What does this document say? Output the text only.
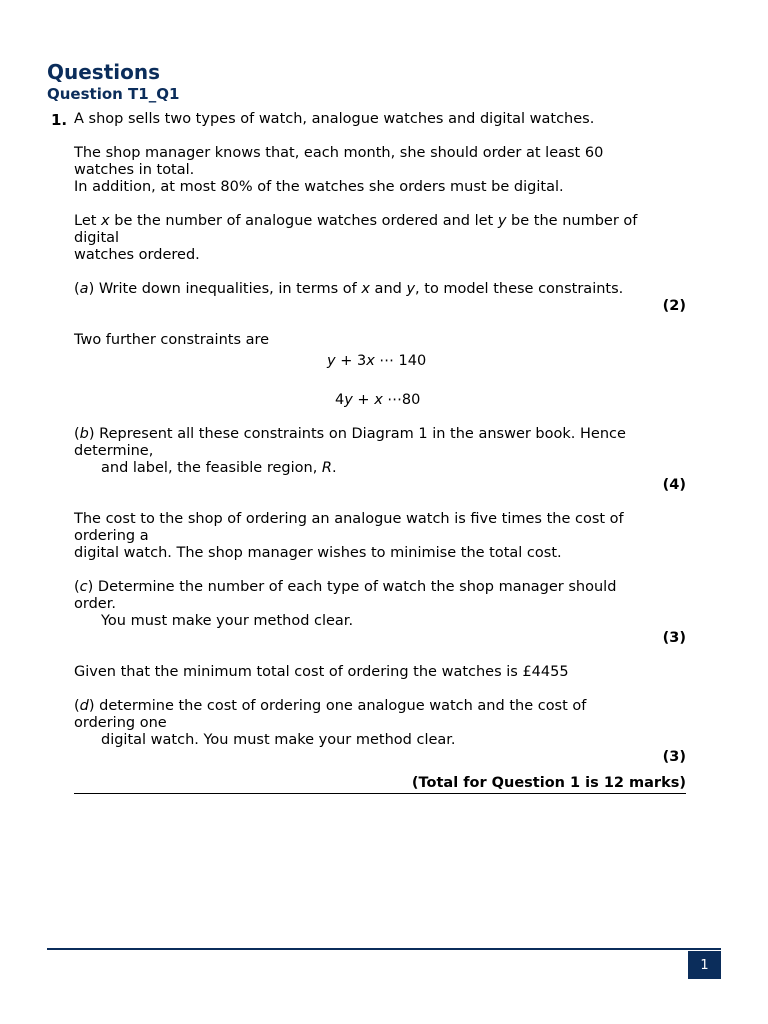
Questions
Question T1_Q1
1. A shop sells two types of watch, analogue watches and digital watches.
The shop manager knows that, each month, she should order at least 60
watches in total.
In addition, at most 80% of the watches she orders must be digital.
Let x be the number of analogue watches ordered and let y be the number of
digital
watches ordered.
(a) Write down inequalities, in terms of x and y, to model these constraints.
(2)
Two further constraints are
y + 3x ⋯ 140
4y + x ⋯80
(b) Represent all these constraints on Diagram 1 in the answer book. Hence
determine,
and label, the feasible region, R.
(4)
The cost to the shop of ordering an analogue watch is five times the cost of
ordering a
digital watch. The shop manager wishes to minimise the total cost.
(c) Determine the number of each type of watch the shop manager should
order.
You must make your method clear.
(3)
Given that the minimum total cost of ordering the watches is £4455
(d) determine the cost of ordering one analogue watch and the cost of
ordering one
digital watch. You must make your method clear.
(3)
(Total for Question 1 is 12 marks)
1
